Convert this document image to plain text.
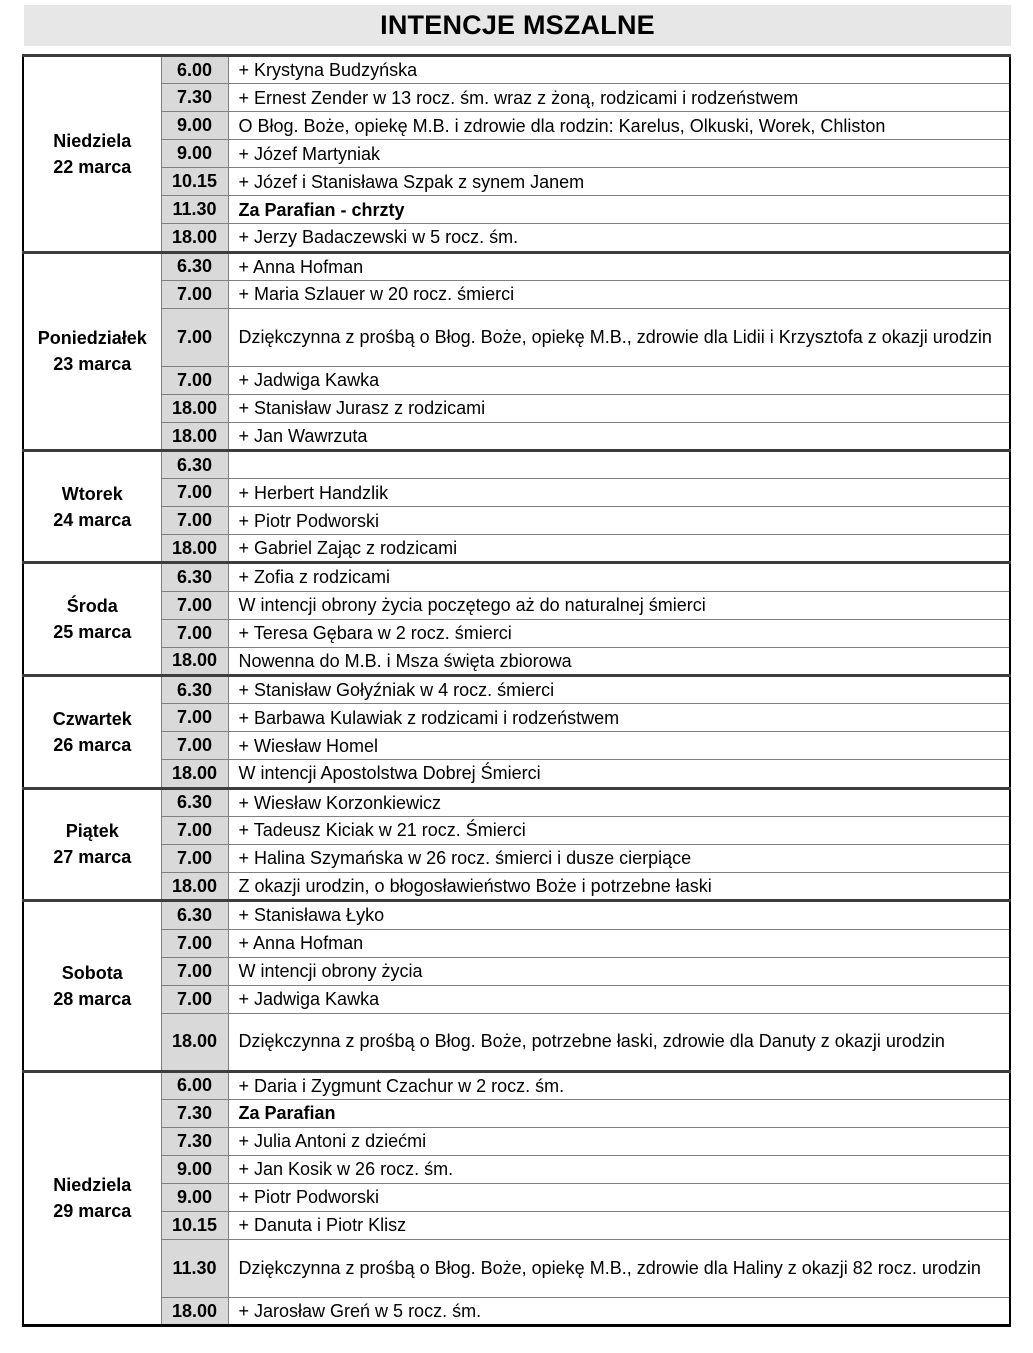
INTENCJE MSZALNE
Niedziela
22 marca	6.00	+ Krystyna Budzyńska
	7.30	+ Ernest Zender w 13 rocz. śm. wraz z żoną, rodzicami i rodzeństwem
	9.00	O Błog. Boże, opiekę M.B. i zdrowie dla rodzin: Karelus, Olkuski, Worek, Chliston
	9.00	+ Józef Martyniak
	10.15	+ Józef i Stanisława Szpak z synem Janem
	11.30	Za Parafian - chrzty
	18.00	+ Jerzy Badaczewski w 5 rocz. śm.

Poniedziałek
23 marca	6.30	+ Anna Hofman
	7.00	+ Maria Szlauer w 20 rocz. śmierci
	7.00	Dziękczynna z prośbą o Błog. Boże, opiekę M.B., zdrowie dla Lidii i Krzysztofa z okazji urodzin
	7.00	+ Jadwiga Kawka
	18.00	+ Stanisław Jurasz z rodzicami
	18.00	+ Jan Wawrzuta

Wtorek
24 marca	6.30	
	7.00	+ Herbert Handzlik
	7.00	+ Piotr Podworski
	18.00	+ Gabriel Zając z rodzicami

Środa
25 marca	6.30	+ Zofia z rodzicami
	7.00	W intencji obrony życia poczętego aż do naturalnej śmierci
	7.00	+ Teresa Gębara w 2 rocz. śmierci
	18.00	Nowenna do M.B. i Msza święta zbiorowa

Czwartek
26 marca	6.30	+ Stanisław Gołyźniak w 4 rocz. śmierci
	7.00	+ Barbawa Kulawiak z rodzicami i rodzeństwem
	7.00	+ Wiesław Homel
	18.00	W intencji Apostolstwa Dobrej Śmierci

Piątek
27 marca	6.30	+ Wiesław Korzonkiewicz
	7.00	+ Tadeusz Kiciak w 21 rocz. Śmierci
	7.00	+ Halina Szymańska w 26 rocz. śmierci i dusze cierpiące
	18.00	Z okazji urodzin, o błogosławieństwo Boże i potrzebne łaski

Sobota
28 marca	6.30	+ Stanisława Łyko
	7.00	+ Anna Hofman
	7.00	W intencji obrony życia
	7.00	+ Jadwiga Kawka
	18.00	Dziękczynna z prośbą o Błog. Boże, potrzebne łaski, zdrowie dla Danuty z okazji urodzin

Niedziela
29 marca	6.00	+ Daria i Zygmunt Czachur w 2 rocz. śm.
	7.30	Za Parafian
	7.30	+ Julia Antoni z dziećmi
	9.00	+ Jan Kosik w 26 rocz. śm.
	9.00	+ Piotr Podworski
	10.15	+ Danuta i Piotr Klisz
	11.30	Dziękczynna z prośbą o Błog. Boże, opiekę M.B., zdrowie dla Haliny z okazji 82 rocz. urodzin
	18.00	+ Jarosław Greń w 5 rocz. śm.
